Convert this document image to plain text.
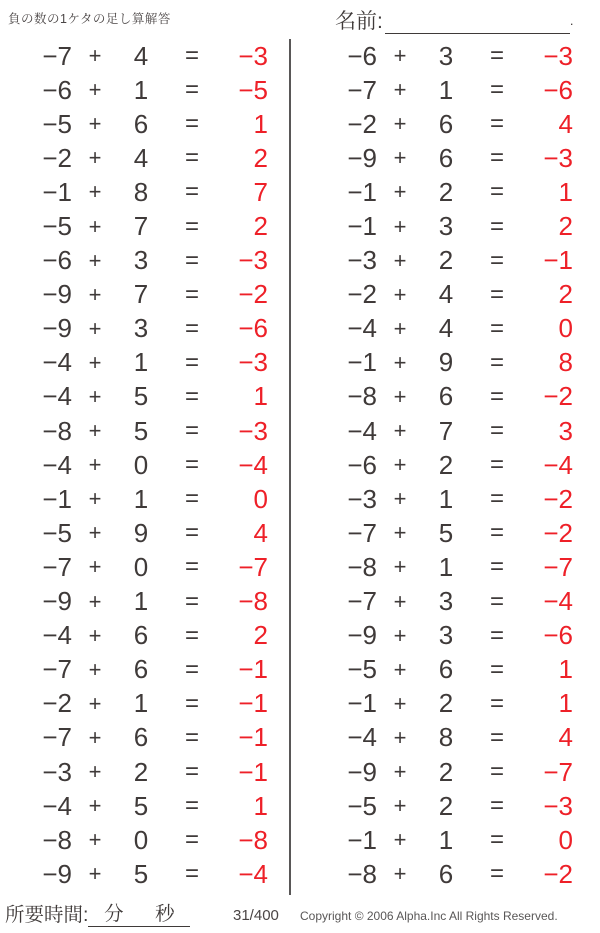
負の数の1ケタの足し算解答	名前:	.
−7 +	4	=	−3
−6 +	1	=	−5
−5 +	6	=	1
−2 +	4	=	2
−1 +	8	=	7
−5 +	7	=	2
−6 +	3	=	−3
−9 +	7	=	−2
−9 +	3	=	−6
−4 +	1	=	−3
−4 +	5	=	1
−8 +	5	=	−3
−4 +	0	=	−4
−1 +	1	=	0
−5 +	9	=	4
−7 +	0	=	−7
−9 +	1	=	−8
−4 +	6	=	2
−7 +	6	=	−1
−2 +	1	=	−1
−7 +	6	=	−1
−3 +	2	=	−1
−4 +	5	=	1
−8 +	0	=	−8
−9 +	5	=	−4
−6 +	3	=	−3
−7 +	1	=	−6
−2 +	6	=	4
−9 +	6	=	−3
−1 +	2	=	1
−1 +	3	=	2
−3 +	2	=	−1
−2 +	4	=	2
−4 +	4	=	0
−1 +	9	=	8
−8 +	6	=	−2
−4 +	7	=	3
−6 +	2	=	−4
−3 +	1	=	−2
−7 +	5	=	−2
−8 +	1	=	−7
−7 +	3	=	−4
−9 +	3	=	−6
−5 +	6	=	1
−1 +	2	=	1
−4 +	8	=	4
−9 +	2	=	−7
−5 +	2	=	−3
−1 +	1	=	0
−8 +	6	=	−2
所要時間: 分 秒	31/400 Copyright © 2006 Alpha.Inc All Rights Reserved.
